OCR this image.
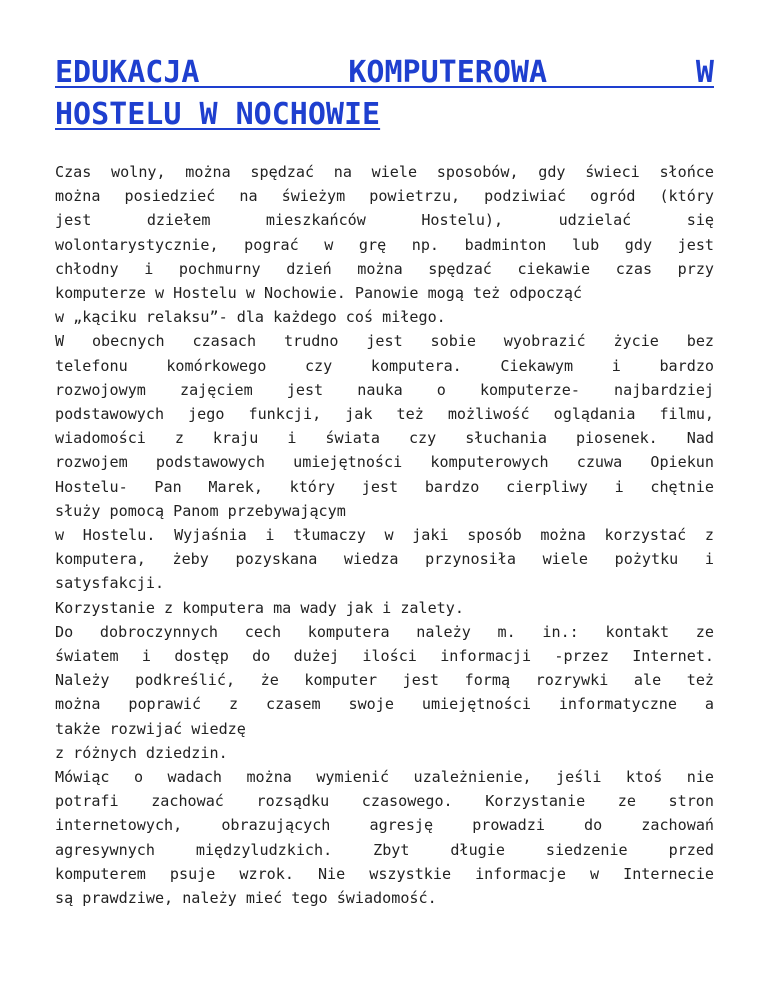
EDUKACJA KOMPUTEROWA W
HOSTELU W NOCHOWIE
Czas wolny, można spędzać na wiele sposobów, gdy świeci słońce
można posiedzieć na świeżym powietrzu, podziwiać ogród (który
jest dziełem mieszkańców Hostelu), udzielać się
wolontarystycznie, pograć w grę np. badminton lub gdy jest
chłodny i pochmurny dzień można spędzać ciekawie czas przy
komputerze w Hostelu w Nochowie. Panowie mogą też odpocząć
w „kąciku relaksu”- dla każdego coś miłego.
W obecnych czasach trudno jest sobie wyobrazić życie bez
telefonu komórkowego czy komputera. Ciekawym i bardzo
rozwojowym zajęciem jest nauka o komputerze- najbardziej
podstawowych jego funkcji, jak też możliwość oglądania filmu,
wiadomości z kraju i świata czy słuchania piosenek. Nad
rozwojem podstawowych umiejętności komputerowych czuwa Opiekun
Hostelu- Pan Marek, który jest bardzo cierpliwy i chętnie
służy pomocą Panom przebywającym
w Hostelu. Wyjaśnia i tłumaczy w jaki sposób można korzystać z
komputera, żeby pozyskana wiedza przynosiła wiele pożytku i
satysfakcji.
Korzystanie z komputera ma wady jak i zalety.
Do dobroczynnych cech komputera należy m. in.: kontakt ze
światem i dostęp do dużej ilości informacji -przez Internet.
Należy podkreślić, że komputer jest formą rozrywki ale też
można poprawić z czasem swoje umiejętności informatyczne a
także rozwijać wiedzę
z różnych dziedzin.
Mówiąc o wadach można wymienić uzależnienie, jeśli ktoś nie
potrafi zachować rozsądku czasowego. Korzystanie ze stron
internetowych, obrazujących agresję prowadzi do zachowań
agresywnych międzyludzkich. Zbyt długie siedzenie przed
komputerem psuje wzrok. Nie wszystkie informacje w Internecie
są prawdziwe, należy mieć tego świadomość.
